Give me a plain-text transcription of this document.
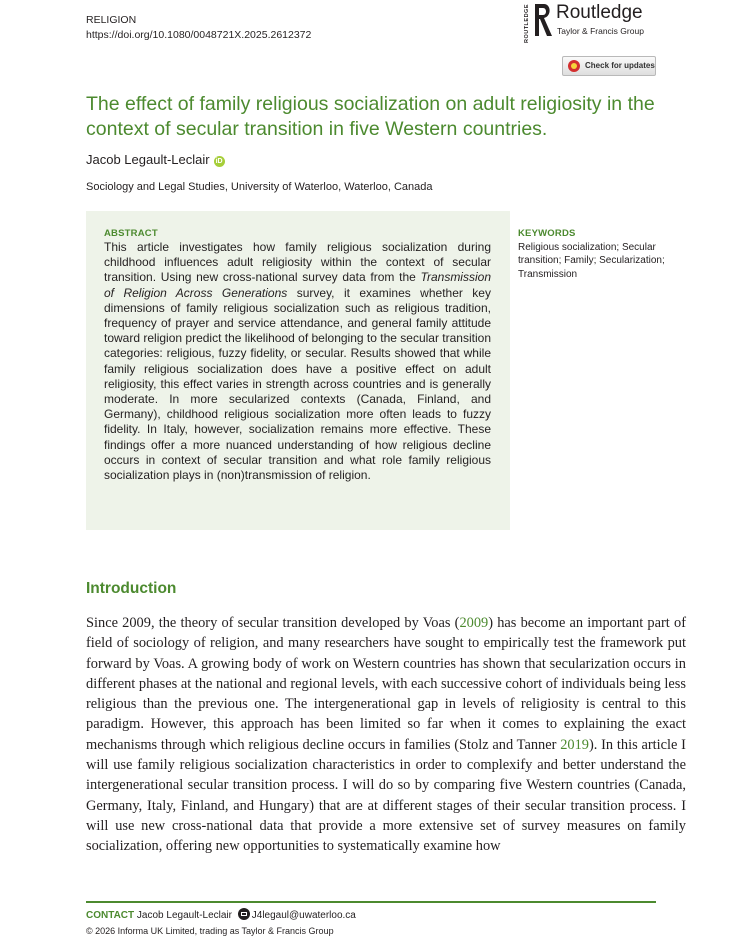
RELIGION
https://doi.org/10.1080/0048721X.2025.2612372	ROUTLEDGE Routledge
Taylor & Francis Group
Check for updates
The effect of family religious socialization on adult religiosity in the context of secular transition in five Western countries.
Jacob Legault-Leclair iD
Sociology and Legal Studies, University of Waterloo, Waterloo, Canada
ABSTRACT
This article investigates how family religious socialization during childhood influences adult religiosity within the context of secular transition. Using new cross-national survey data from the Transmission of Religion Across Generations survey, it examines whether key dimensions of family religious socialization such as religious tradition, frequency of prayer and service attendance, and general family attitude toward religion predict the likelihood of belonging to the secular transition categories: religious, fuzzy fidelity, or secular. Results showed that while family religious socialization does have a positive effect on adult religiosity, this effect varies in strength across countries and is generally moderate. In more secularized contexts (Canada, Finland, and Germany), childhood religious socialization more often leads to fuzzy fidelity. In Italy, however, socialization remains more effective. These findings offer a more nuanced understanding of how religious decline occurs in context of secular transition and what role family religious socialization plays in (non)transmission of religion.
KEYWORDS
Religious socialization; Secular transition; Family; Secularization; Transmission
Introduction

Since 2009, the theory of secular transition developed by Voas (2009) has become an important part of field of sociology of religion, and many researchers have sought to empirically test the framework put forward by Voas. A growing body of work on Western countries has shown that secularization occurs in different phases at the national and regional levels, with each successive cohort of individuals being less religious than the previous one. The intergenerational gap in levels of religiosity is central to this paradigm. However, this approach has been limited so far when it comes to explaining the exact mechanisms through which religious decline occurs in families (Stolz and Tanner 2019). In this article I will use family religious socialization characteristics in order to complexify and better understand the intergenerational secular transition process. I will do so by comparing five Western countries (Canada, Germany, Italy, Finland, and Hungary) that are at different stages of their secular transition process. I will use new cross-national data that provide a more extensive set of survey measures on family socialization, offering new opportunities to systematically examine how

CONTACT Jacob Legault-Leclair J4legaul@uwaterloo.ca
© 2026 Informa UK Limited, trading as Taylor & Francis Group
